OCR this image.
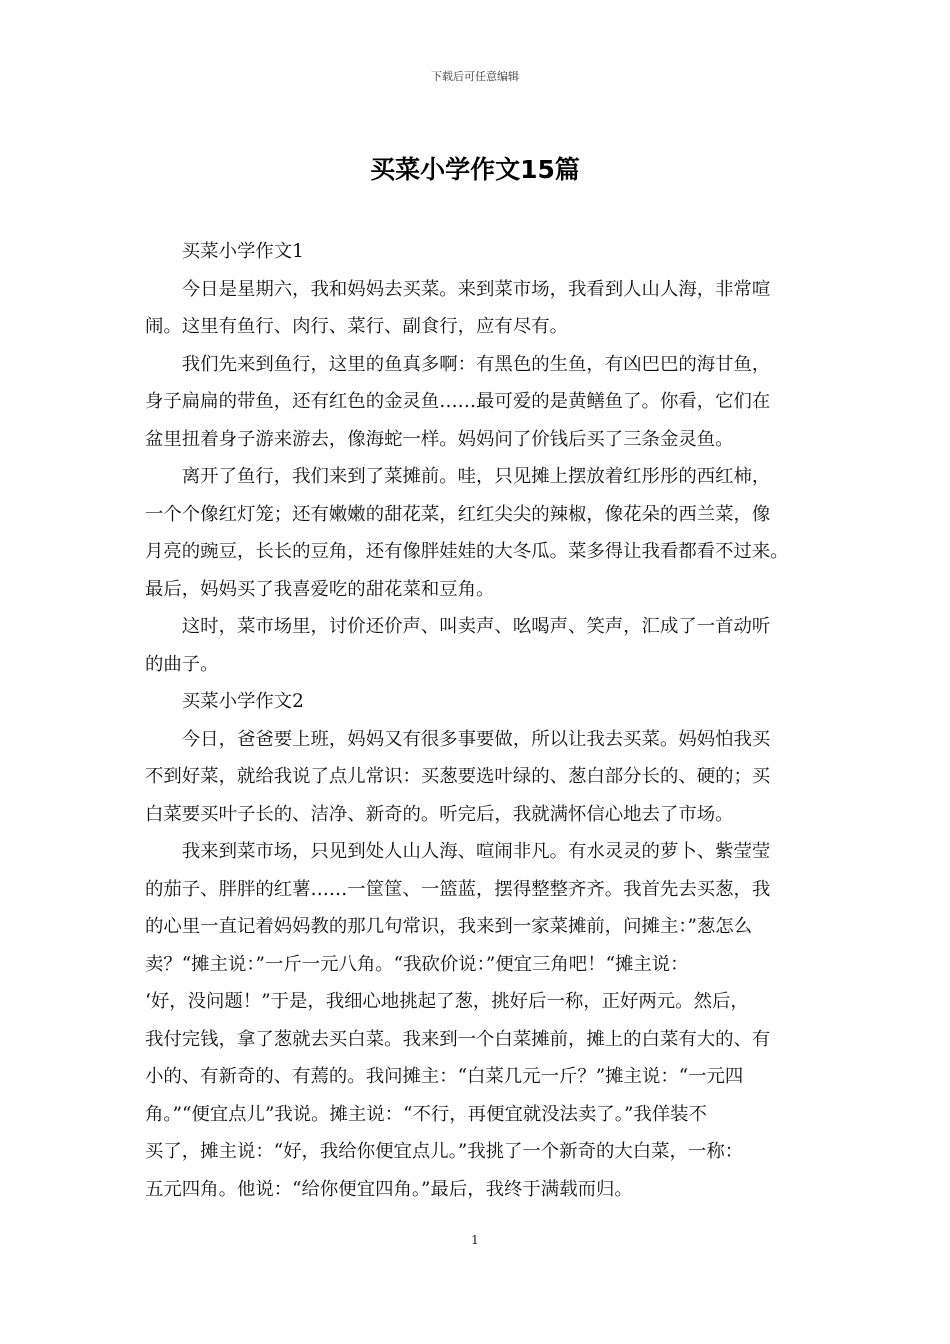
下载后可任意编辑
买菜小学作文15篇
　　买菜小学作文1
　　今日是星期六，我和妈妈去买菜。来到菜市场，我看到人山人海，非常喧
闹。这里有鱼行、肉行、菜行、副食行，应有尽有。
　　我们先来到鱼行，这里的鱼真多啊：有黑色的生鱼，有凶巴巴的海甘鱼，
身子扁扁的带鱼，还有红色的金灵鱼……最可爱的是黄鳝鱼了。你看，它们在
盆里扭着身子游来游去，像海蛇一样。妈妈问了价钱后买了三条金灵鱼。
　　离开了鱼行，我们来到了菜摊前。哇，只见摊上摆放着红彤彤的西红柿，
一个个像红灯笼；还有嫩嫩的甜花菜，红红尖尖的辣椒，像花朵的西兰菜，像
月亮的豌豆，长长的豆角，还有像胖娃娃的大冬瓜。菜多得让我看都看不过来。
最后，妈妈买了我喜爱吃的甜花菜和豆角。
　　这时，菜市场里，讨价还价声、叫卖声、吆喝声、笑声，汇成了一首动听
的曲子。
　　买菜小学作文2
　　今日，爸爸要上班，妈妈又有很多事要做，所以让我去买菜。妈妈怕我买
不到好菜，就给我说了点儿常识：买葱要选叶绿的、葱白部分长的、硬的；买
白菜要买叶子长的、洁净、新奇的。听完后，我就满怀信心地去了市场。
　　我来到菜市场，只见到处人山人海、喧闹非凡。有水灵灵的萝卜、紫莹莹
的茄子、胖胖的红薯……一筐筐、一篮蓝，摆得整整齐齐。我首先去买葱，我
的心里一直记着妈妈教的那几句常识，我来到一家菜摊前，问摊主：”葱怎么
卖？“摊主说：”一斤一元八角。“我砍价说：”便宜三角吧！“摊主说：
‘好，没问题！”于是，我细心地挑起了葱，挑好后一称，正好两元。然后，
我付完钱，拿了葱就去买白菜。我来到一个白菜摊前，摊上的白菜有大的、有
小的、有新奇的、有蔫的。我问摊主：“白菜几元一斤？”摊主说：“一元四
角。”“便宜点儿”我说。摊主说：“不行，再便宜就没法卖了。”我佯装不
买了，摊主说：“好，我给你便宜点儿。”我挑了一个新奇的大白菜，一称：
五元四角。他说：“给你便宜四角。”最后，我终于满载而归。
1
